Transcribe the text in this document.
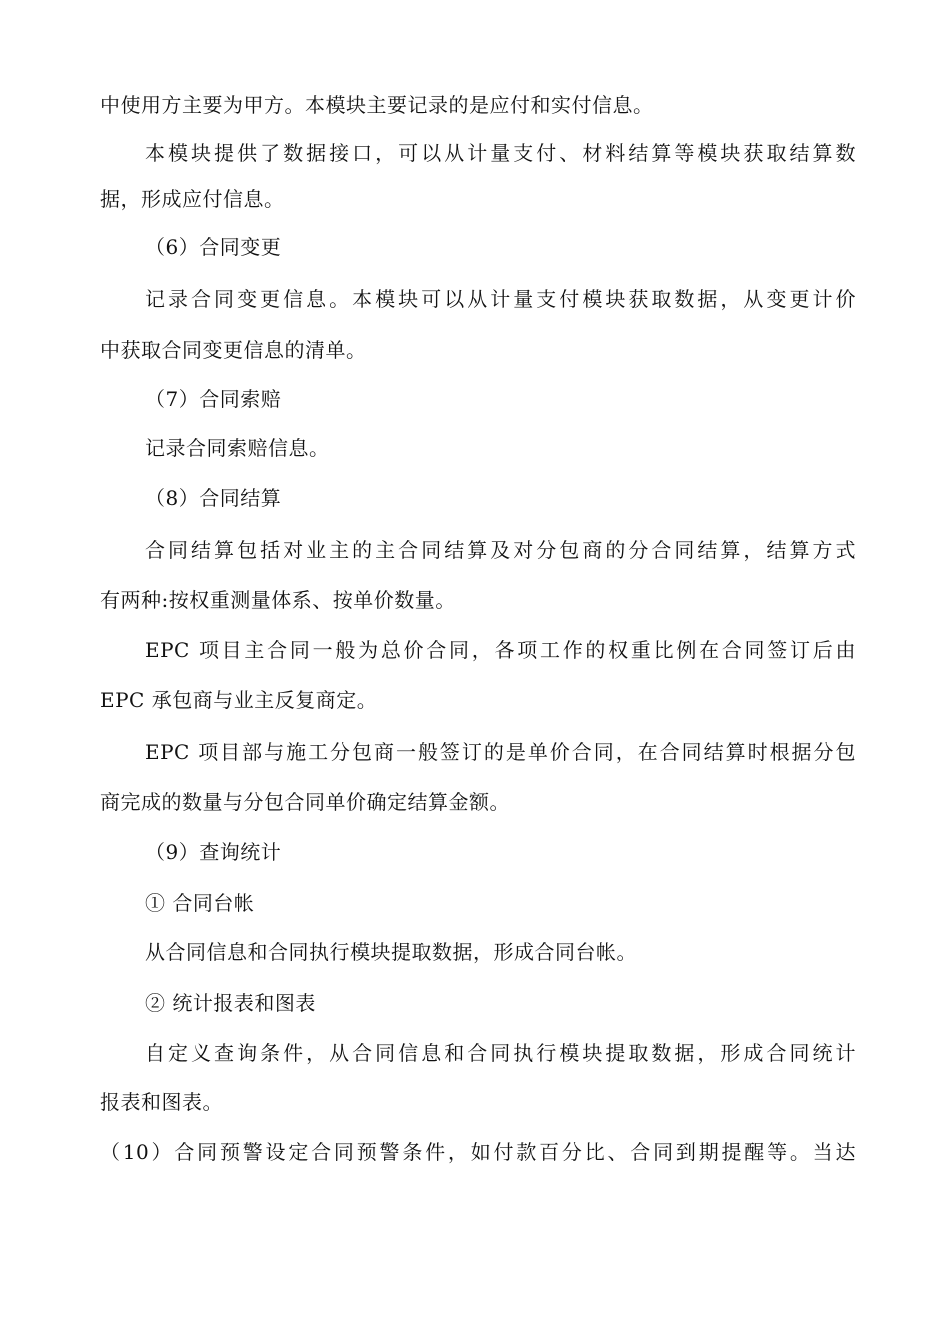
中使用方主要为甲方。本模块主要记录的是应付和实付信息。
本模块提供了数据接口，可以从计量支付、材料结算等模块获取结算数
据，形成应付信息。
（6）合同变更
记录合同变更信息。本模块可以从计量支付模块获取数据，从变更计价
中获取合同变更信息的清单。
（7）合同索赔
记录合同索赔信息。
（8）合同结算
合同结算包括对业主的主合同结算及对分包商的分合同结算，结算方式
有两种:按权重测量体系、按单价数量。
EPC 项目主合同一般为总价合同，各项工作的权重比例在合同签订后由
EPC 承包商与业主反复商定。
EPC 项目部与施工分包商一般签订的是单价合同，在合同结算时根据分包
商完成的数量与分包合同单价确定结算金额。
（9）查询统计
① 合同台帐
从合同信息和合同执行模块提取数据，形成合同台帐。
② 统计报表和图表
自定义查询条件，从合同信息和合同执行模块提取数据，形成合同统计
报表和图表。
（10）合同预警设定合同预警条件，如付款百分比、合同到期提醒等。当达
